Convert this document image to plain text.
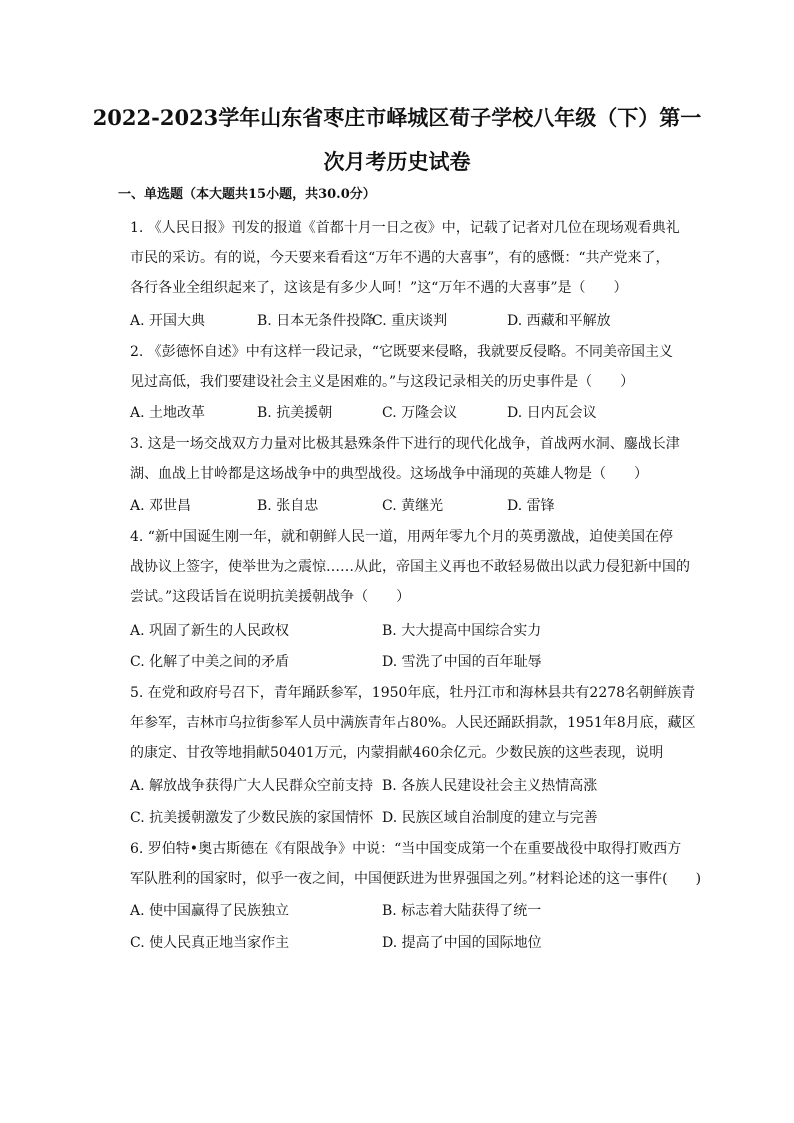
2022-2023学年山东省枣庄市峄城区荀子学校八年级（下）第一
次月考历史试卷
一、单选题（本大题共15小题，共30.0分）

1. 《人民日报》刊发的报道《首都十月一日之夜》中，记载了记者对几位在现场观看典礼

市民的采访。有的说，今天要来看看这“万年不遇的大喜事”，有的感慨：“共产党来了，

各行各业全组织起来了，这该是有多少人呵！”这“万年不遇的大喜事”是（　　）

A. 开国大典	B. 日本无条件投降
C. 重庆谈判	D. 西藏和平解放

2. 《彭德怀自述》中有这样一段记录，“它既要来侵略，我就要反侵略。不同美帝国主义

见过高低，我们要建设社会主义是困难的。”与这段记录相关的历史事件是（　　）

A. 土地改革	B. 抗美援朝	C. 万隆会议	D. 日内瓦会议

3. 这是一场交战双方力量对比极其悬殊条件下进行的现代化战争，首战两水洞、鏖战长津

湖、血战上甘岭都是这场战争中的典型战役。这场战争中涌现的英雄人物是（　　）

A. 邓世昌	B. 张自忠	C. 黄继光	D. 雷锋

4. “新中国诞生刚一年，就和朝鲜人民一道，用两年零九个月的英勇激战，迫使美国在停

战协议上签字，使举世为之震惊……从此，帝国主义再也不敢轻易做出以武力侵犯新中国的

尝试。”这段话旨在说明抗美援朝战争（　　）

A. 巩固了新生的人民政权	B. 大大提高中国综合实力
C. 化解了中美之间的矛盾	D. 雪洗了中国的百年耻辱

5. 在党和政府号召下，青年踊跃参军，1950年底，牡丹江市和海林县共有2278名朝鲜族青

年参军，吉林市乌拉街参军人员中满族青年占80%。人民还踊跃捐款，1951年8月底，藏区

的康定、甘孜等地捐献50401万元，内蒙捐献460余亿元。少数民族的这些表现，说明

A. 解放战争获得广大人民群众空前支持 B. 各族人民建设社会主义热情高涨
C. 抗美援朝激发了少数民族的家国情怀 D. 民族区域自治制度的建立与完善

6. 罗伯特•奥古斯德在《有限战争》中说：“当中国变成第一个在重要战役中取得打败西方

军队胜利的国家时，似乎一夜之间，中国便跃进为世界强国之列。”材料论述的这一事件(　　)

A. 使中国赢得了民族独立	B. 标志着大陆获得了统一
C. 使人民真正地当家作主	D. 提高了中国的国际地位
